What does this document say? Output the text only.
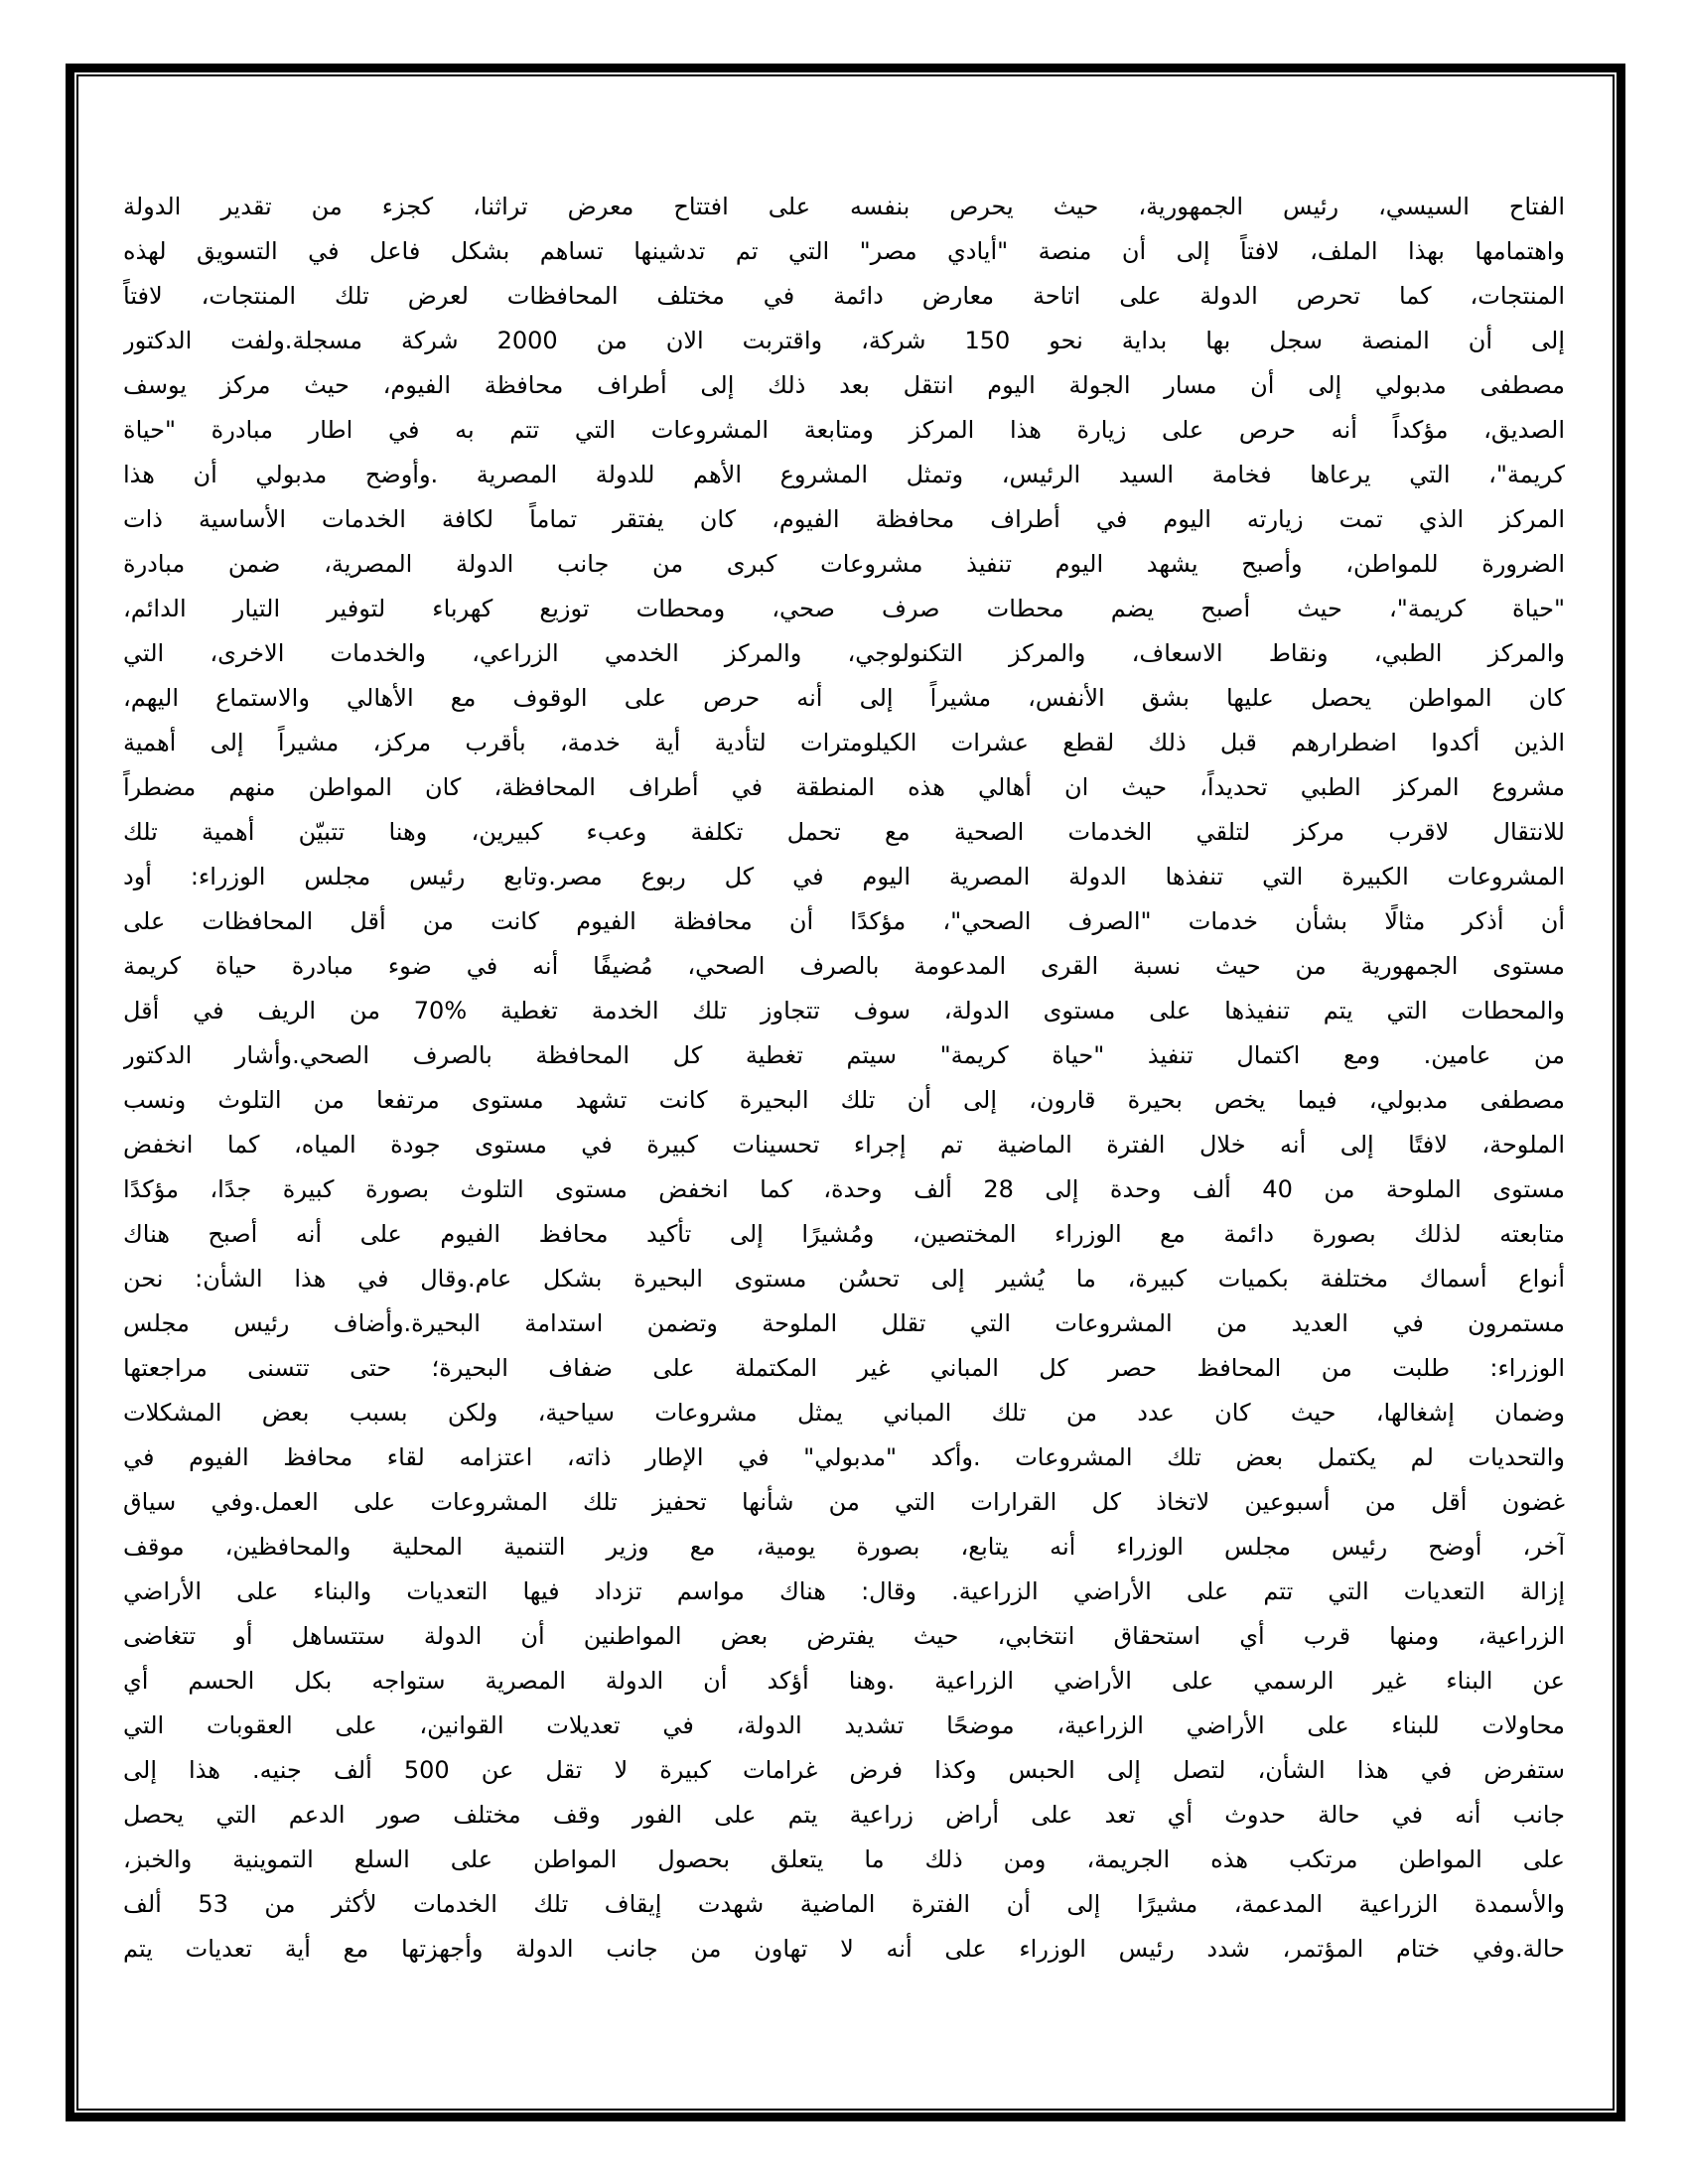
الفتاح السيسي، رئيس الجمهورية، حيث يحرص بنفسه على افتتاح معرض تراثنا، كجزء من تقدير الدولة
واهتمامها بهذا الملف، لافتاً إلى أن منصة "أيادي مصر" التي تم تدشينها تساهم بشكل فاعل في التسويق لهذه
المنتجات، كما تحرص الدولة على اتاحة معارض دائمة في مختلف المحافظات لعرض تلك المنتجات، لافتاً
إلى أن المنصة سجل بها بداية نحو 150 شركة، واقتربت الان من 2000 شركة مسجلة.ولفت الدكتور
مصطفى مدبولي إلى أن مسار الجولة اليوم انتقل بعد ذلك إلى أطراف محافظة الفيوم، حيث مركز يوسف
الصديق، مؤكداً أنه حرص على زيارة هذا المركز ومتابعة المشروعات التي تتم به في اطار مبادرة "حياة
كريمة"، التي يرعاها فخامة السيد الرئيس، وتمثل المشروع الأهم للدولة المصرية .وأوضح مدبولي أن هذا
المركز الذي تمت زيارته اليوم في أطراف محافظة الفيوم، كان يفتقر تماماً لكافة الخدمات الأساسية ذات
الضرورة للمواطن، وأصبح يشهد اليوم تنفيذ مشروعات كبرى من جانب الدولة المصرية، ضمن مبادرة
"حياة كريمة"، حيث أصبح يضم محطات صرف صحي، ومحطات توزيع كهرباء لتوفير التيار الدائم،
والمركز الطبي، ونقاط الاسعاف، والمركز التكنولوجي، والمركز الخدمي الزراعي، والخدمات الاخرى، التي
كان المواطن يحصل عليها بشق الأنفس، مشيراً إلى أنه حرص على الوقوف مع الأهالي والاستماع اليهم،
الذين أكدوا اضطرارهم قبل ذلك لقطع عشرات الكيلومترات لتأدية أية خدمة، بأقرب مركز، مشيراً إلى أهمية
مشروع المركز الطبي تحديداً، حيث ان أهالي هذه المنطقة في أطراف المحافظة، كان المواطن منهم مضطراً
للانتقال لاقرب مركز لتلقي الخدمات الصحية مع تحمل تكلفة وعبء كبيرين، وهنا تتبيّن أهمية تلك
المشروعات الكبيرة التي تنفذها الدولة المصرية اليوم في كل ربوع مصر.وتابع رئيس مجلس الوزراء: أود
أن أذكر مثالًا بشأن خدمات "الصرف الصحي"، مؤكدًا أن محافظة الفيوم كانت من أقل المحافظات على
مستوى الجمهورية من حيث نسبة القرى المدعومة بالصرف الصحي، مُضيفًا أنه في ضوء مبادرة حياة كريمة
والمحطات التي يتم تنفيذها على مستوى الدولة، سوف تتجاوز تلك الخدمة تغطية %70 من الريف في أقل
من عامين. ومع اكتمال تنفيذ "حياة كريمة" سيتم تغطية كل المحافظة بالصرف الصحي.وأشار الدكتور
مصطفى مدبولي، فيما يخص بحيرة قارون، إلى أن تلك البحيرة كانت تشهد مستوى مرتفعا من التلوث ونسب
الملوحة، لافتًا إلى أنه خلال الفترة الماضية تم إجراء تحسينات كبيرة في مستوى جودة المياه، كما انخفض
مستوى الملوحة من 40 ألف وحدة إلى 28 ألف وحدة، كما انخفض مستوى التلوث بصورة كبيرة جدًا، مؤكدًا
متابعته لذلك بصورة دائمة مع الوزراء المختصين، ومُشيرًا إلى تأكيد محافظ الفيوم على أنه أصبح هناك
أنواع أسماك مختلفة بكميات كبيرة، ما يُشير إلى تحسُن مستوى البحيرة بشكل عام.وقال في هذا الشأن: نحن
مستمرون في العديد من المشروعات التي تقلل الملوحة وتضمن استدامة البحيرة.وأضاف رئيس مجلس
الوزراء: طلبت من المحافظ حصر كل المباني غير المكتملة على ضفاف البحيرة؛ حتى تتسنى مراجعتها
وضمان إشغالها، حيث كان عدد من تلك المباني يمثل مشروعات سياحية، ولكن بسبب بعض المشكلات
والتحديات لم يكتمل بعض تلك المشروعات .وأكد "مدبولي" في الإطار ذاته، اعتزامه لقاء محافظ الفيوم في
غضون أقل من أسبوعين لاتخاذ كل القرارات التي من شأنها تحفيز تلك المشروعات على العمل.وفي سياق
آخر، أوضح رئيس مجلس الوزراء أنه يتابع، بصورة يومية، مع وزير التنمية المحلية والمحافظين، موقف
إزالة التعديات التي تتم على الأراضي الزراعية. وقال: هناك مواسم تزداد فيها التعديات والبناء على الأراضي
الزراعية، ومنها قرب أي استحقاق انتخابي، حيث يفترض بعض المواطنين أن الدولة ستتساهل أو تتغاضى
عن البناء غير الرسمي على الأراضي الزراعية .وهنا أؤكد أن الدولة المصرية ستواجه بكل الحسم أي
محاولات للبناء على الأراضي الزراعية، موضحًا تشديد الدولة، في تعديلات القوانين، على العقوبات التي
ستفرض في هذا الشأن، لتصل إلى الحبس وكذا فرض غرامات كبيرة لا تقل عن 500 ألف جنيه. هذا إلى
جانب أنه في حالة حدوث أي تعد على أراض زراعية يتم على الفور وقف مختلف صور الدعم التي يحصل
على المواطن مرتكب هذه الجريمة، ومن ذلك ما يتعلق بحصول المواطن على السلع التموينية والخبز،
والأسمدة الزراعية المدعمة، مشيرًا إلى أن الفترة الماضية شهدت إيقاف تلك الخدمات لأكثر من 53 ألف
حالة.وفي ختام المؤتمر، شدد رئيس الوزراء على أنه لا تهاون من جانب الدولة وأجهزتها مع أية تعديات يتم
